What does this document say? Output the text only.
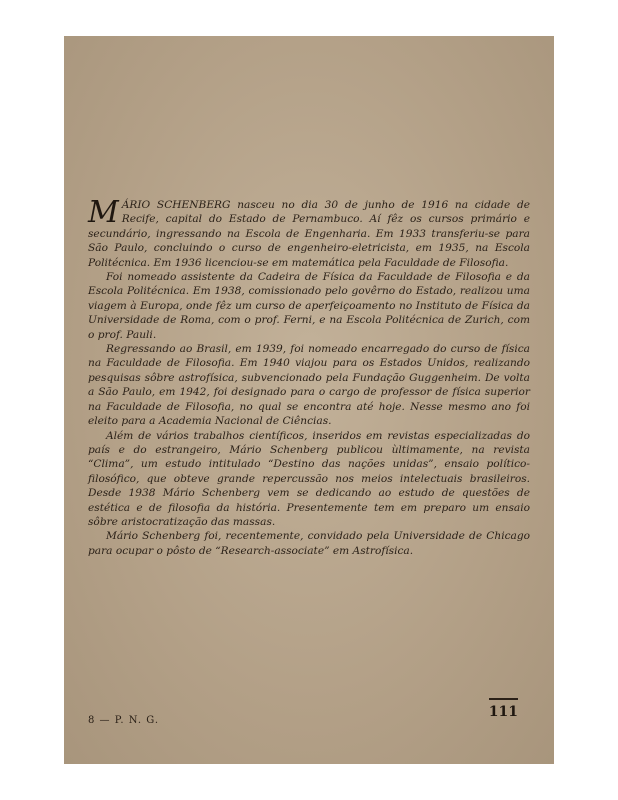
MÁRIO SCHENBERG nasceu no dia 30 de junho de 1916 na cidade de Recife, capital do Estado de Pernambuco. Aí fêz os cursos primário e secundário, ingressando na Escola de Engenharia. Em 1933 transferiu-se para São Paulo, concluindo o curso de engenheiro-eletricista, em 1935, na Escola Politécnica. Em 1936 licenciou-se em matemática pela Faculdade de Filosofia.

Foi nomeado assistente da Cadeira de Física da Faculdade de Filosofia e da Escola Politécnica. Em 1938, comissionado pelo govêrno do Estado, realizou uma viagem à Europa, onde fêz um curso de aperfeiçoamento no Instituto de Física da Universidade de Roma, com o prof. Ferni, e na Escola Politécnica de Zurich, com o prof. Pauli.

Regressando ao Brasil, em 1939, foi nomeado encarregado do curso de física na Faculdade de Filosofia. Em 1940 viajou para os Estados Unidos, realizando pesquisas sôbre astrofísica, subvencionado pela Fundação Guggenheim. De volta a São Paulo, em 1942, foi designado para o cargo de professor de física superior na Faculdade de Filosofia, no qual se encontra até hoje. Nesse mesmo ano foi eleito para a Academia Nacional de Ciências.

Além de vários trabalhos científicos, inseridos em revistas especializadas do país e do estrangeiro, Mário Schenberg publicou ùltimamente, na revista “Clima”, um estudo intitulado “Destino das nações unidas”, ensaio político-filosófico, que obteve grande repercussão nos meios intelectuais brasileiros. Desde 1938 Mário Schenberg vem se dedicando ao estudo de questões de estética e de filosofia da história. Presentemente tem em preparo um ensaio sôbre aristocratização das massas.

Mário Schenberg foi, recentemente, convidado pela Universidade de Chicago para ocupar o pôsto de “Research-associate” em Astrofísica.

8 — P. N. G.
111
